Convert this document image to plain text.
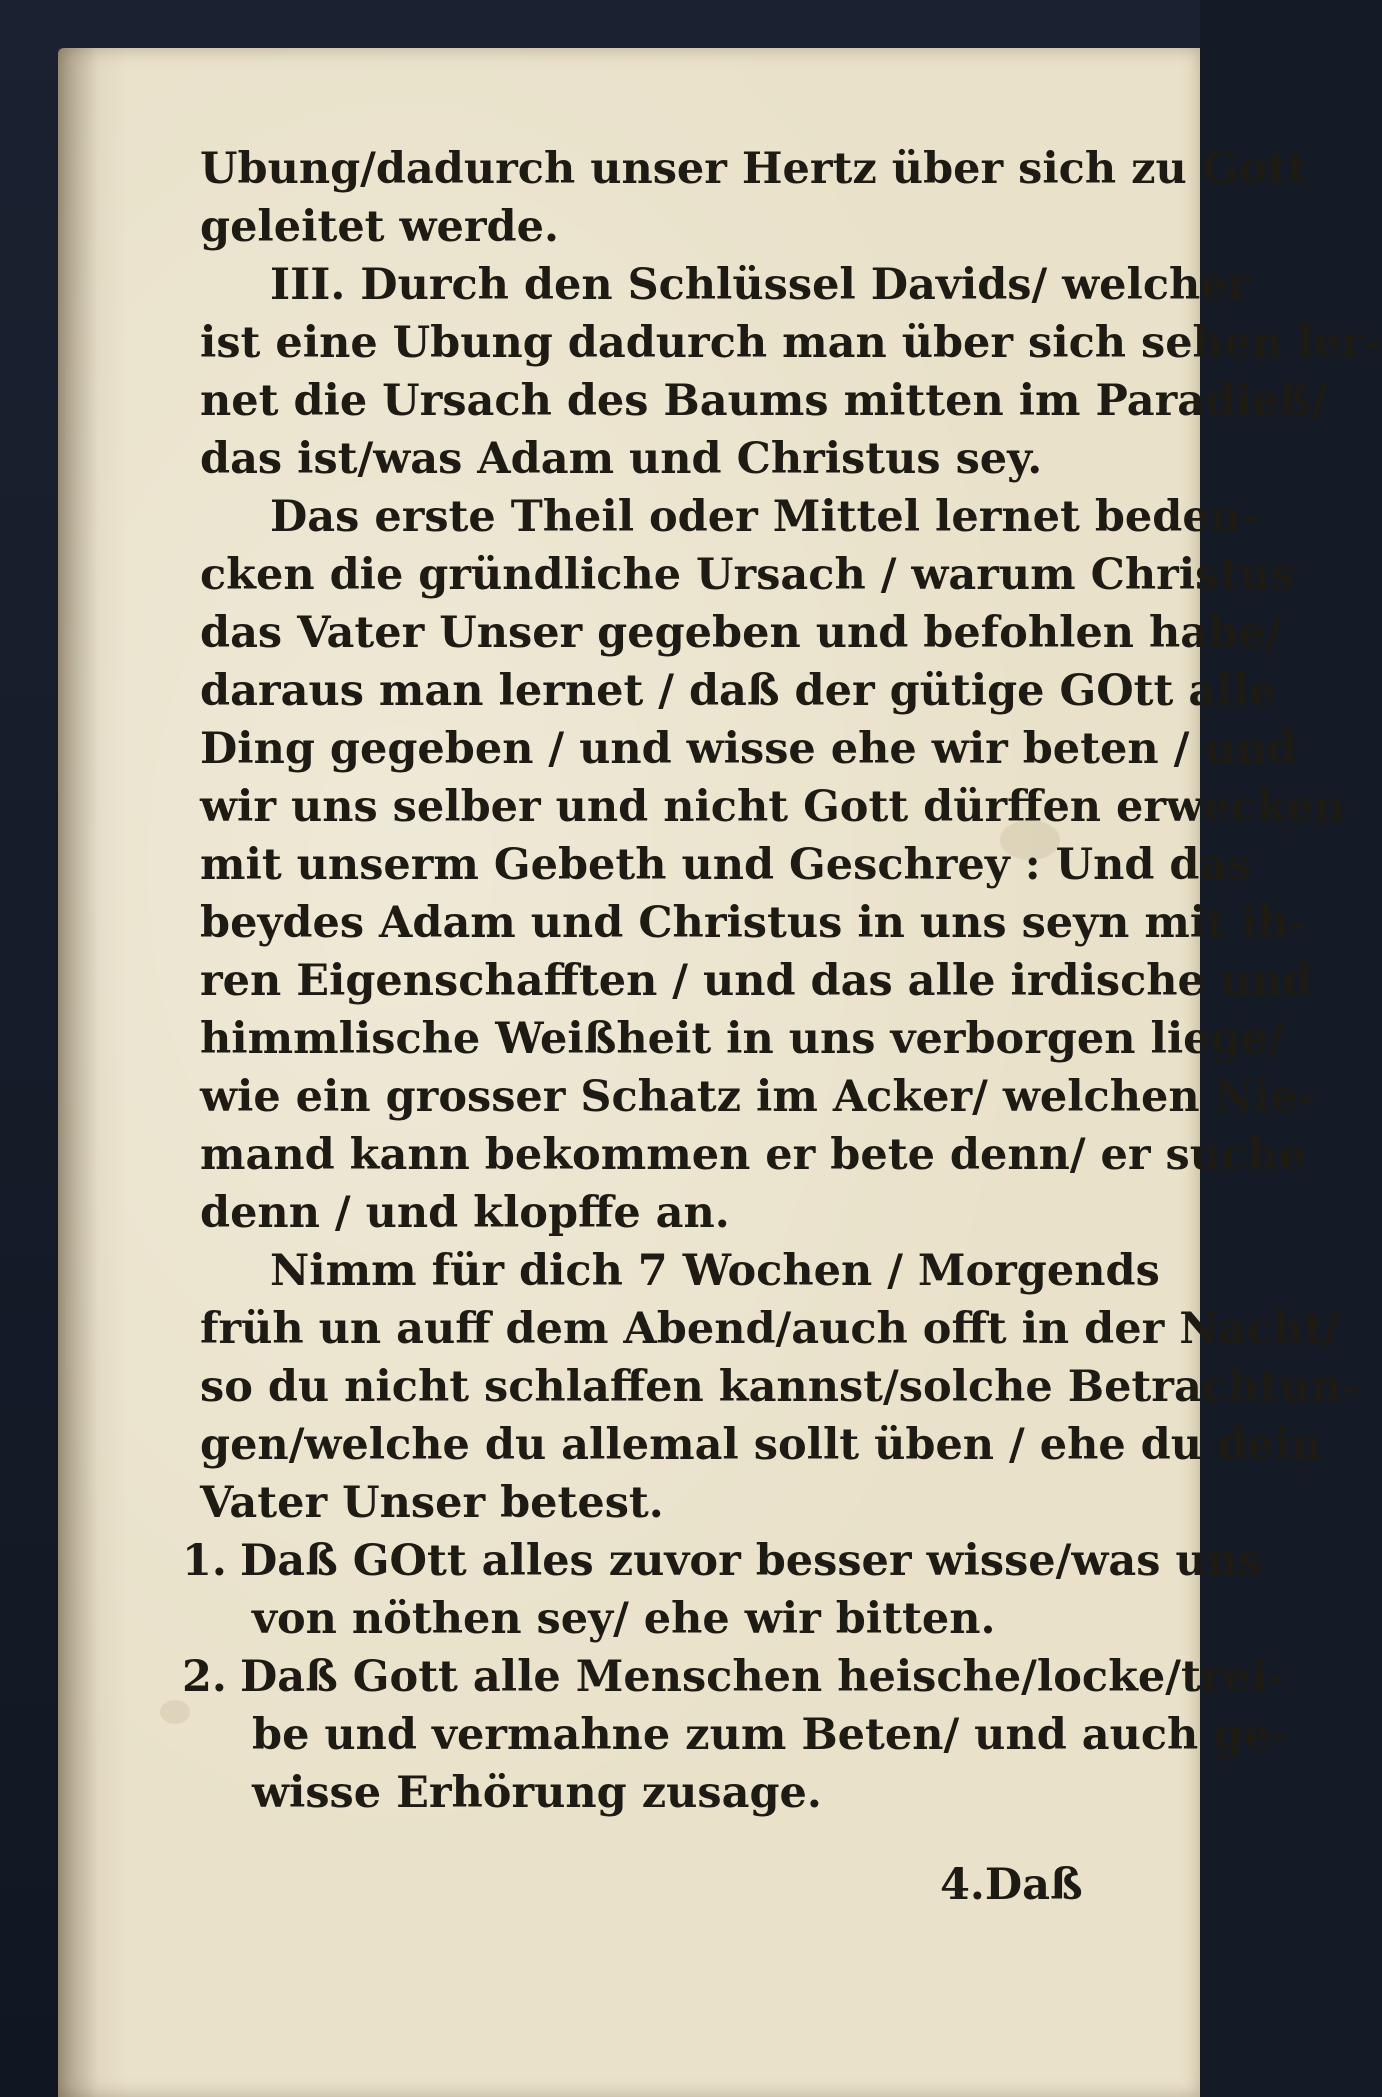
Ubung/dadurch unser Hertz über sich zu Gott
geleitet werde.
III. Durch den Schlüssel Davids/ welcher
ist eine Ubung dadurch man über sich sehen ler-
net die Ursach des Baums mitten im Paradieß/
das ist/was Adam und Christus sey.
Das erste Theil oder Mittel lernet beden-
cken die gründliche Ursach / warum Christus
das Vater Unser gegeben und befohlen habe/
daraus man lernet / daß der gütige GOtt alle
Ding gegeben / und wisse ehe wir beten / und
wir uns selber und nicht Gott dürffen erwecken
mit unserm Gebeth und Geschrey : Und das
beydes Adam und Christus in uns seyn mit ih-
ren Eigenschafften / und das alle irdische und
himmlische Weißheit in uns verborgen liege/
wie ein grosser Schatz im Acker/ welchen Nie-
mand kann bekommen er bete denn/ er suche
denn / und klopffe an.
Nimm für dich 7 Wochen / Morgends
früh un auff dem Abend/auch offt in der Nacht/
so du nicht schlaffen kannst/solche Betrachtun-
gen/welche du allemal sollt üben / ehe du dein
Vater Unser betest.
1. Daß GOtt alles zuvor besser wisse/was uns
von nöthen sey/ ehe wir bitten.
2. Daß Gott alle Menschen heische/locke/trei-
be und vermahne zum Beten/ und auch ge-
wisse Erhörung zusage.
4.Daß
